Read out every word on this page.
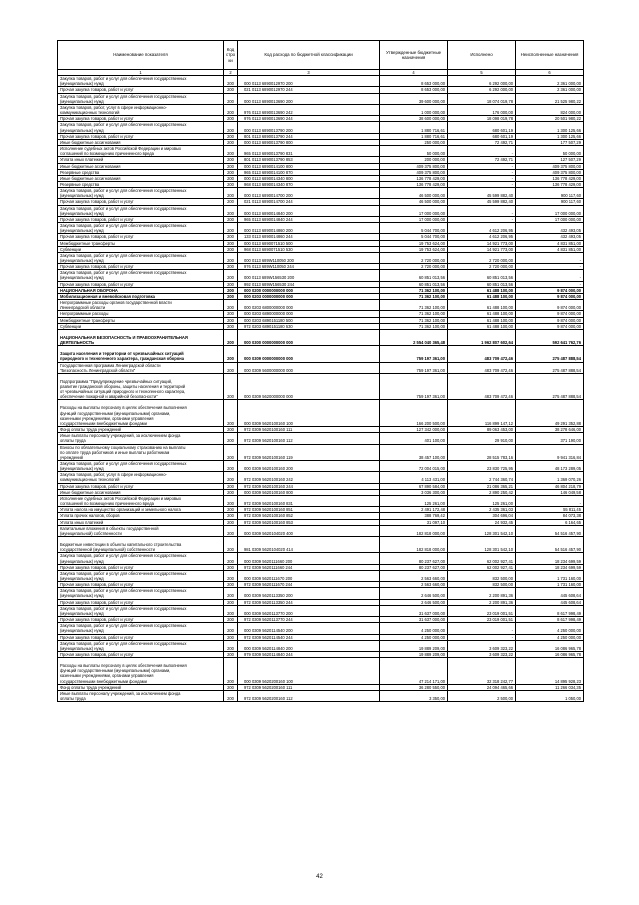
Наименование показателя	Код стро ки	Код расхода по бюджетной классификации	Утвержденные бюджетные назначения	Исполнено	Неисполненные назначения
1	2	3	4	5	6

Закупка товаров, работ и услуг для обеспечения государственных
(муниципальных) нужд	200	000 0113 6890012970 200	8 653 000,00	6 292 000,00	2 361 000,00

Прочая закупка товаров, работ и услуг	200	021 0113 6890012970 244	8 653 000,00	6 292 000,00	2 361 000,00

Закупка товаров, работ и услуг для обеспечения государственных
(муниципальных) нужд	200	000 0113 6890013690 200	39 600 000,00	18 074 019,78	21 525 980,22

Закупка товаров, работ, услуг в сфере информационно-
коммуникационных технологий	200	976 0113 6890013690 242	1 000 000,00	176 000,00	824 000,00

Прочая закупка товаров, работ и услуг	200	976 0113 6890013690 244	38 600 000,00	18 098 019,78	20 501 980,22

Закупка товаров, работ и услуг для обеспечения государственных
(муниципальных) нужд	200	000 0113 6890013790 200	1 880 716,61	680 601,19	1 300 125,66

Прочая закупка товаров, работ и услуг	200	801 0113 6890013790 244	1 880 716,61	680 601,19	1 300 125,66

Иные бюджетные ассигнования	200	000 0113 6890013790 800	250 000,00	72 492,71	177 507,29

Исполнение судебных актов Российской Федерации и мировых
соглашений по возмещению причиненного вреда	200	965 0113 6890013790 831	50 000,00	-	50 000,00

Уплата иных платежей	200	801 0113 6890013790 853	200 000,00	72 492,71	127 507,29

Иные бюджетные ассигнования	200	000 0113 6890014100 800	409 375 800,00	-	409 375 800,00

Резервные средства	200	965 0113 6890014100 870	409 375 800,00	-	409 375 800,00

Иные бюджетные ассигнования	200	000 0113 6890014340 800	136 778 429,00	-	136 778 429,00

Резервные средства	200	968 0113 6890014340 870	136 778 429,00	-	136 778 429,00

Закупка товаров, работ и услуг для обеспечения государственных
(муниципальных) нужд	200	000 0113 6890014700 200	46 500 000,00	45 599 882,40	900 117,60

Прочая закупка товаров, работ и услуг	200	021 0113 6890014700 244	46 500 000,00	45 599 882,40	900 117,60

Закупка товаров, работ и услуг для обеспечения государственных
(муниципальных) нужд	200	000 0113 6890014840 200	17 000 000,00	-	17 000 000,00

Прочая закупка товаров, работ и услуг	200	965 0113 6890014840 244	17 000 000,00	-	17 000 000,00

Закупка товаров, работ и услуг для обеспечения государственных
(муниципальных) нужд	200	000 0113 6890014860 200	5 044 700,00	4 612 206,95	432 493,05

Прочая закупка товаров, работ и услуг	200	133 0113 6890014860 244	5 044 700,00	4 612 206,95	432 493,05

Межбюджетные трансферты	200	000 0113 6890071510 500	19 753 624,00	14 921 773,00	4 831 851,00

Субвенции	200	968 0113 6890071510 530	19 753 624,00	14 921 773,00	4 831 851,00

Закупка товаров, работ и услуг для обеспечения государственных
(муниципальных) нужд	200	000 0113 689W110050 200	2 720 000,00	2 720 000,00	-

Прочая закупка товаров, работ и услуг	200	976 0113 689W110050 244	2 720 000,00	2 720 000,00	-

Закупка товаров, работ и услуг для обеспечения государственных
(муниципальных) нужд	200	000 0113 689W156530 200	60 851 013,56	60 851 013,56	-

Прочая закупка товаров, работ и услуг	200	992 0113 689W156530 244	60 851 013,56	60 851 013,56	-

НАЦИОНАЛЬНАЯ ОБОРОНА	200	000 0200 0000000000 000	71 362 100,00	61 488 100,00	9 874 000,00

Мобилизационная и вневойсковая подготовка	200	000 0203 0000000000 000	71 362 100,00	61 488 100,00	9 874 000,00

Непрограммные расходы органов государственной власти
Ленинградской области	200	000 0203 6800000000 000	71 362 100,00	61 488 100,00	9 874 000,00

Непрограммные расходы	200	000 0203 6890000000 000	71 362 100,00	61 488 100,00	9 874 000,00

Межбюджетные трансферты	200	000 0203 6890151180 500	71 362 100,00	61 488 100,00	9 874 000,00

Субвенции	200	972 0203 6890151180 530	71 362 100,00	61 488 100,00	9 874 000,00

НАЦИОНАЛЬНАЯ БЕЗОПАСНОСТЬ И ПРАВООХРАНИТЕЛЬНАЯ
ДЕЯТЕЛЬНОСТЬ	200	000 0300 0000000000 000	2 554 040 365,48	1 962 807 602,64	592 641 762,76

Защита населения и территории от чрезвычайных ситуаций
природного и техногенного характера, гражданская оборона	200	000 0309 0000000000 000	759 197 361,00	483 709 472,46	275 487 888,54

Государственная программа Ленинградской области
"Безопасность Ленинградской области"	200	000 0309 5600000000 000	759 197 361,00	483 709 472,46	275 487 888,54

Подпрограмма "Предупреждение чрезвычайных ситуаций,
развитие гражданской обороны, защиты населения и территорий
от чрезвычайных ситуаций природного и техногенного характера,
обеспечение пожарной и аварийной безопасности"	200	000 0309 5620000000 000	759 197 361,00	483 709 472,46	275 487 888,54

Расходы на выплаты персоналу в целях обеспечения выполнения
функций государственными (муниципальными) органами,
казенными учреждениями, органами управления
государственными внебюджетными фондами	200	000 0309 5620100160 100	166 200 500,00	116 899 147,12	49 291 352,88

Фонд оплаты труда учреждений	200	972 0309 5620100160 111	127 342 000,00	89 063 453,00	38 278 646,00

Иные выплаты персоналу учреждений, за исключением фонда
оплаты труда	200	972 0309 5620100160 112	401 100,00	29 910,00	371 190,00

Взносы по обязательному социальному страхованию на выплаты
по оплате труда работников и иные выплаты работникам
учреждений	200	972 0309 5620100160 119	38 457 100,00	28 515 783,16	9 941 316,84

Закупка товаров, работ и услуг для обеспечения государственных
(муниципальных) нужд	200	000 0309 5620100160 200	72 004 015,00	23 830 725,95	48 173 289,05

Закупка товаров, работ, услуг в сфере информационно-
коммуникационных технологий	200	972 0309 5620100160 242	4 113 431,00	2 744 360,74	1 369 070,26

Прочая закупка товаров, работ и услуг	200	972 0309 5620100160 244	67 890 584,00	21 086 365,21	46 804 218,79

Иные бюджетные ассигнования	200	000 0309 5620100160 800	3 036 300,00	2 890 250,42	146 049,58

Исполнение судебных актов Российской Федерации и мировых
соглашений по возмещению причиненного вреда	200	972 0309 5620100160 831	125 261,00	125 261,00	-

Уплата налога на имущество организаций и земельного налога	200	972 0309 5620100160 851	2 491 172,48	2 435 361,03	55 811,45

Уплата прочих налогов, сборов	200	972 0309 5620100160 852	388 769,42	304 696,04	84 073,38

Уплата иных платежей	200	972 0309 5620100160 853	31 097,10	24 932,45	6 164,65

Капитальные вложения в объекты государственной
(муниципальной) собственности	200	000 0309 5620104020 400	182 818 000,00	128 301 542,10	54 516 457,90

Бюджетные инвестиции в объекты капитального строительства
государственной (муниципальной) собственности	200	981 0309 5620104020 414	182 818 000,00	128 301 542,10	54 516 457,90

Закупка товаров, работ и услуг для обеспечения государственных
(муниципальных) нужд	200	000 0309 5620111660 200	80 237 627,00	62 002 927,41	18 234 699,59

Прочая закупка товаров, работ и услуг	200	972 0309 5620111660 244	80 237 627,00	62 002 927,41	18 234 699,59

Закупка товаров, работ и услуг для обеспечения государственных
(муниципальных) нужд	200	000 0309 5620111670 200	2 563 660,00	832 500,00	1 731 160,00

Прочая закупка товаров, работ и услуг	200	972 0309 5620111670 244	2 563 660,00	832 500,00	1 731 160,00

Закупка товаров, работ и услуг для обеспечения государственных
(муниципальных) нужд	200	000 0309 5620113350 200	2 646 500,00	2 200 891,36	445 608,64

Прочая закупка товаров, работ и услуг	200	972 0309 5620113350 244	2 646 500,00	2 200 891,36	445 608,64

Закупка товаров, работ и услуг для обеспечения государственных
(муниципальных) нужд	200	000 0309 5620113770 200	31 637 000,00	23 019 001,51	8 617 998,49

Прочая закупка товаров, работ и услуг	200	972 0309 5620113770 244	31 637 000,00	23 019 001,51	8 617 998,49

Закупка товаров, работ и услуг для обеспечения государственных
(муниципальных) нужд	200	000 0309 5620114540 200	4 250 000,00	-	4 250 000,00

Прочая закупка товаров, работ и услуг	200	972 0309 5620114540 244	4 250 000,00	-	4 250 000,00

Закупка товаров, работ и услуг для обеспечения государственных
(муниципальных) нужд	200	000 0309 5620114840 200	19 889 209,00	3 609 323,22	16 086 965,78

Прочая закупка товаров, работ и услуг	200	979 0309 5620114840 244	19 889 209,00	3 609 323,22	16 086 965,78

Расходы на выплаты персоналу в целях обеспечения выполнения
функций государственными (муниципальными) органами,
казенными учреждениями, органами управления
государственными внебюджетными фондами	200	000 0309 5620200160 100	47 214 171,00	32 318 242,77	14 895 928,23

Фонд оплаты труда учреждений	200	972 0309 5620200160 111	36 280 550,00	24 094 465,66	11 266 034,35

Иные выплаты персоналу учреждений, за исключением фонда
оплаты труда	200	972 0309 5620200160 112	3 350,00	2 500,00	1 050,00
42
